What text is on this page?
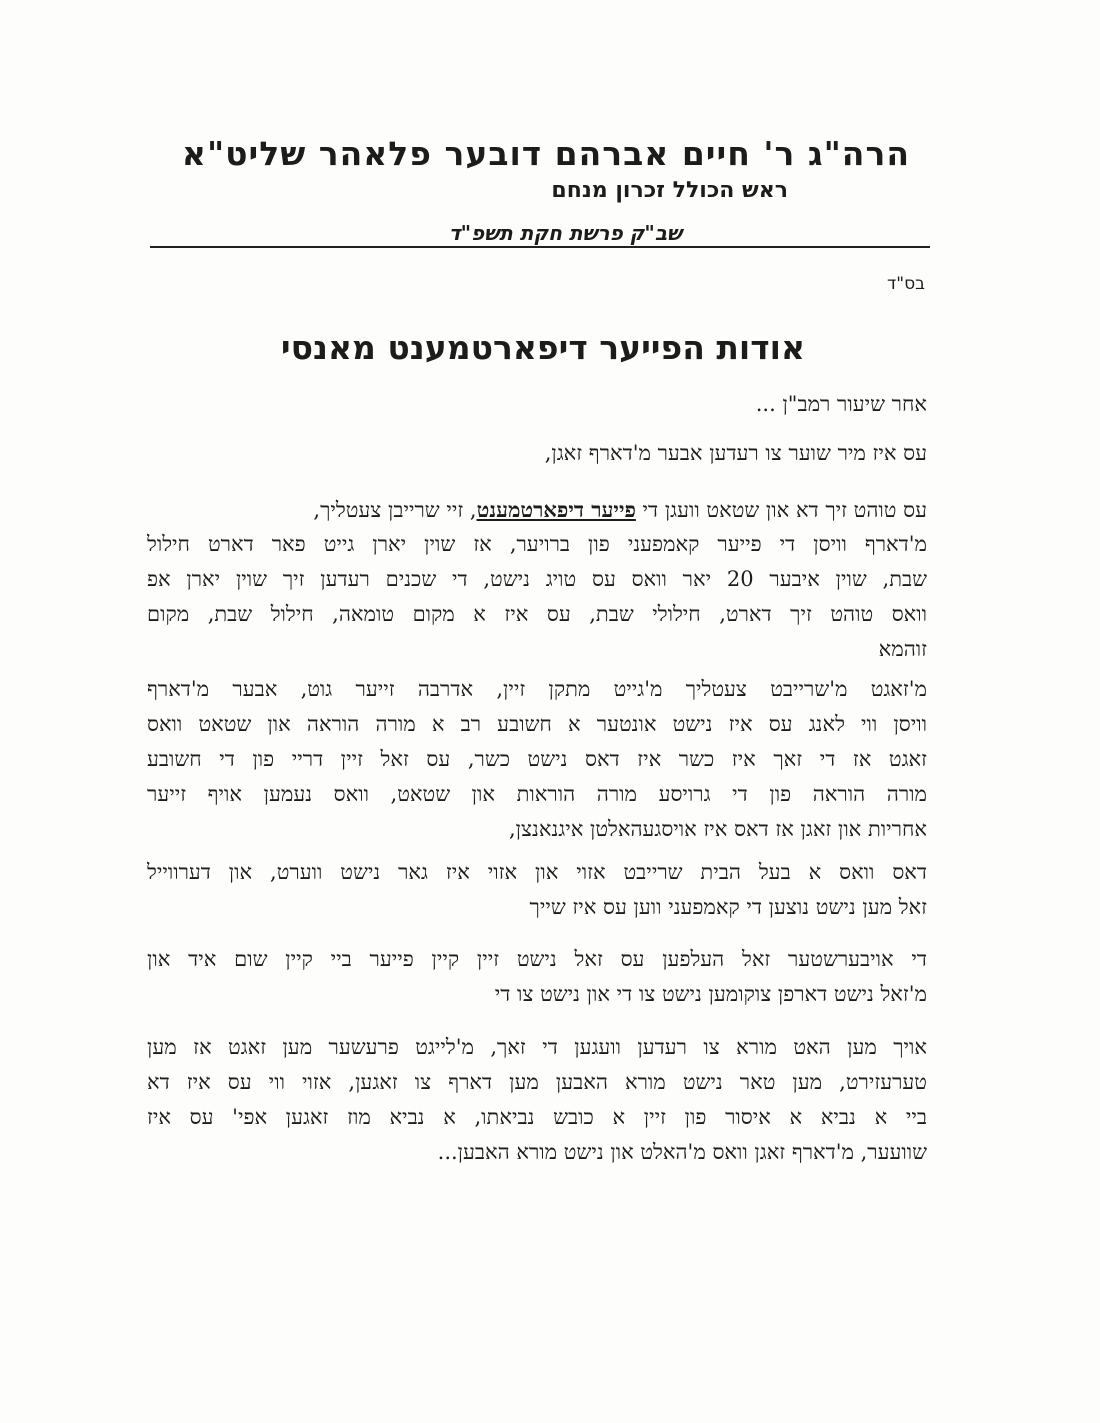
הרה"ג ר' חיים אברהם דובער פלאהר שליט"א
ראש הכולל זכרון מנחם
שב"ק פרשת חקת תשפ"ד
בס"ד
אודות הפייער דיפארטמענט מאנסי
אחר שיעור רמב"ן ...
עס איז מיר שוער צו רעדען אבער מ'דארף זאגן,
עס טוהט זיך דא און שטאט וועגן די פייער דיפארטמענט, זיי שרייבן צעטליך,
מ'דארף וויסן די פייער קאמפעני פון ברויער, אז שוין יארן גייט פאר דארט חילול
שבת, שוין איבער 20 יאר וואס עס טויג נישט, די שכנים רעדען זיך שוין יארן אפ
וואס טוהט זיך דארט, חילולי שבת, עס איז א מקום טומאה, חילול שבת, מקום
זוהמא
מ'זאגט מ'שרייבט צעטליך מ'גייט מתקן זיין, אדרבה זייער גוט, אבער מ'דארף
וויסן ווי לאנג עס איז נישט אונטער א חשובע רב א מורה הוראה און שטאט וואס
זאגט אז די זאך איז כשר איז דאס נישט כשר, עס זאל זיין דריי פון די חשובע
מורה הוראה פון די גרויסע מורה הוראות און שטאט, וואס נעמען אויף זייער
אחריות און זאגן אז דאס איז אויסגעהאלטן איגנאנצן,
דאס וואס א בעל הבית שרייבט אזוי און אזוי איז גאר נישט ווערט, און דערווייל
זאל מען נישט נוצען די קאמפעני ווען עס איז שייך
די אויבערשטער זאל העלפען עס זאל נישט זיין קיין פייער ביי קיין שום איד און
מ'זאל נישט דארפן צוקומען נישט צו די און נישט צו די
אויך מען האט מורא צו רעדען וועגען די זאך, מ'לייגט פרעשער מען זאגט אז מען
טערעזירט, מען טאר נישט מורא האבען מען דארף צו זאגען, אזוי ווי עס איז דא
ביי א נביא א איסור פון זיין א כובש נביאתו, א נביא מוז זאגען אפי' עס איז
שוועער, מ'דארף זאגן וואס מ'האלט און נישט מורא האבען...
